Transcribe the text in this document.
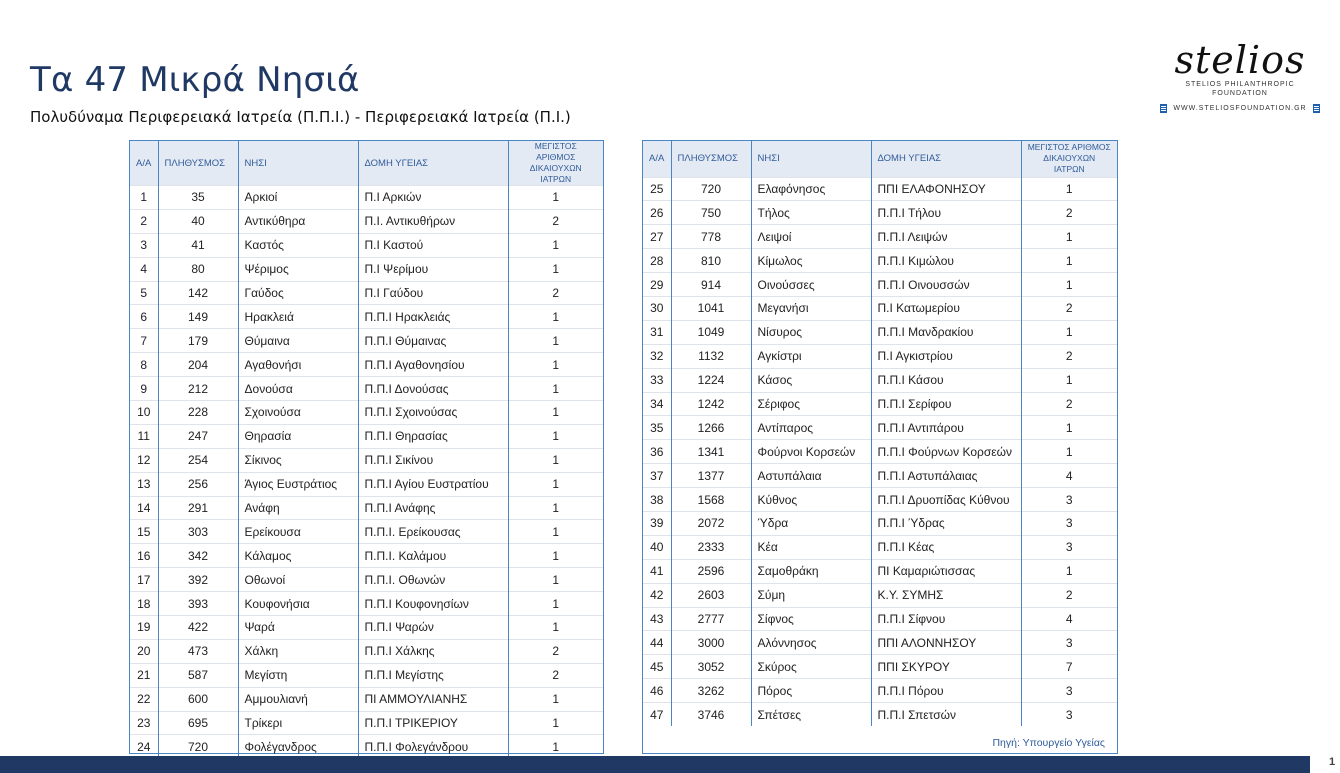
Τα 47 Μικρά Νησιά
Πολυδύναμα Περιφερειακά Ιατρεία (Π.Π.Ι.) - Περιφερειακά Ιατρεία (Π.Ι.)
stelios
STELIOS PHILANTHROPIC
FOUNDATION
WWW.STELIOSFOUNDATION.GR
Α/Α	ΠΛΗΘΥΣΜΟΣ	ΝΗΣΙ	ΔΟΜΗ ΥΓΕΙΑΣ	ΜΕΓΙΣΤΟΣ ΑΡΙΘΜΟΣ
ΔΙΚΑΙΟΥΧΩΝ ΙΑΤΡΩΝ
1	35	Αρκιοί	Π.Ι Αρκιών	1
2	40	Αντικύθηρα	Π.Ι. Αντικυθήρων	2
3	41	Καστός	Π.Ι Καστού	1
4	80	Ψέριμος	Π.Ι Ψερίμου	1
5	142	Γαύδος	Π.Ι Γαύδου	2
6	149	Ηρακλειά	Π.Π.Ι Ηρακλειάς	1
7	179	Θύμαινα	Π.Π.Ι Θύμαινας	1
8	204	Αγαθονήσι	Π.Π.Ι Αγαθονησίου	1
9	212	Δονούσα	Π.Π.Ι Δονούσας	1
10	228	Σχοινούσα	Π.Π.Ι Σχοινούσας	1
11	247	Θηρασία	Π.Π.Ι Θηρασίας	1
12	254	Σίκινος	Π.Π.Ι Σικίνου	1
13	256	Άγιος Ευστράτιος	Π.Π.Ι Αγίου Ευστρατίου	1
14	291	Ανάφη	Π.Π.Ι Ανάφης	1
15	303	Ερείκουσα	Π.Π.Ι. Ερείκουσας	1
16	342	Κάλαμος	Π.Π.Ι. Καλάμου	1
17	392	Οθωνοί	Π.Π.Ι. Οθωνών	1
18	393	Κουφονήσια	Π.Π.Ι Κουφονησίων	1
19	422	Ψαρά	Π.Π.Ι Ψαρών	1
20	473	Χάλκη	Π.Π.Ι Χάλκης	2
21	587	Μεγίστη	Π.Π.Ι Μεγίστης	2
22	600	Αμμουλιανή	ΠΙ ΑΜΜΟΥΛΙΑΝΗΣ	1
23	695	Τρίκερι	Π.Π.Ι ΤΡΙΚΕΡΙΟΥ	1
24	720	Φολέγανδρος	Π.Π.Ι Φολεγάνδρου	1
Α/Α	ΠΛΗΘΥΣΜΟΣ	ΝΗΣΙ	ΔΟΜΗ ΥΓΕΙΑΣ	ΜΕΓΙΣΤΟΣ ΑΡΙΘΜΟΣ
ΔΙΚΑΙΟΥΧΩΝ ΙΑΤΡΩΝ
25	720	Ελαφόνησος	ΠΠΙ ΕΛΑΦΟΝΗΣΟΥ	1
26	750	Τήλος	Π.Π.Ι Τήλου	2
27	778	Λειψοί	Π.Π.Ι Λειψών	1
28	810	Κίμωλος	Π.Π.Ι Κιμώλου	1
29	914	Οινούσσες	Π.Π.Ι Οινουσσών	1
30	1041	Μεγανήσι	Π.Ι Κατωμερίου	2
31	1049	Νίσυρος	Π.Π.Ι Μανδρακίου	1
32	1132	Αγκίστρι	Π.Ι Αγκιστρίου	2
33	1224	Κάσος	Π.Π.Ι Κάσου	1
34	1242	Σέριφος	Π.Π.Ι Σερίφου	2
35	1266	Αντίπαρος	Π.Π.Ι Αντιπάρου	1
36	1341	Φούρνοι Κορσεών	Π.Π.Ι Φούρνων Κορσεών	1
37	1377	Αστυπάλαια	Π.Π.Ι Αστυπάλαιας	4
38	1568	Κύθνος	Π.Π.Ι Δρυοπίδας Κύθνου	3
39	2072	Ύδρα	Π.Π.Ι Ύδρας	3
40	2333	Κέα	Π.Π.Ι Κέας	3
41	2596	Σαμοθράκη	ΠΙ Καμαριώτισσας	1
42	2603	Σύμη	Κ.Υ. ΣΥΜΗΣ	2
43	2777	Σίφνος	Π.Π.Ι Σίφνου	4
44	3000	Αλόννησος	ΠΠΙ ΑΛΟΝΝΗΣΟΥ	3
45	3052	Σκύρος	ΠΠΙ ΣΚΥΡΟΥ	7
46	3262	Πόρος	Π.Π.Ι Πόρου	3
47	3746	Σπέτσες	Π.Π.Ι Σπετσών	3
Πηγή: Υπουργείο Υγείας
1
